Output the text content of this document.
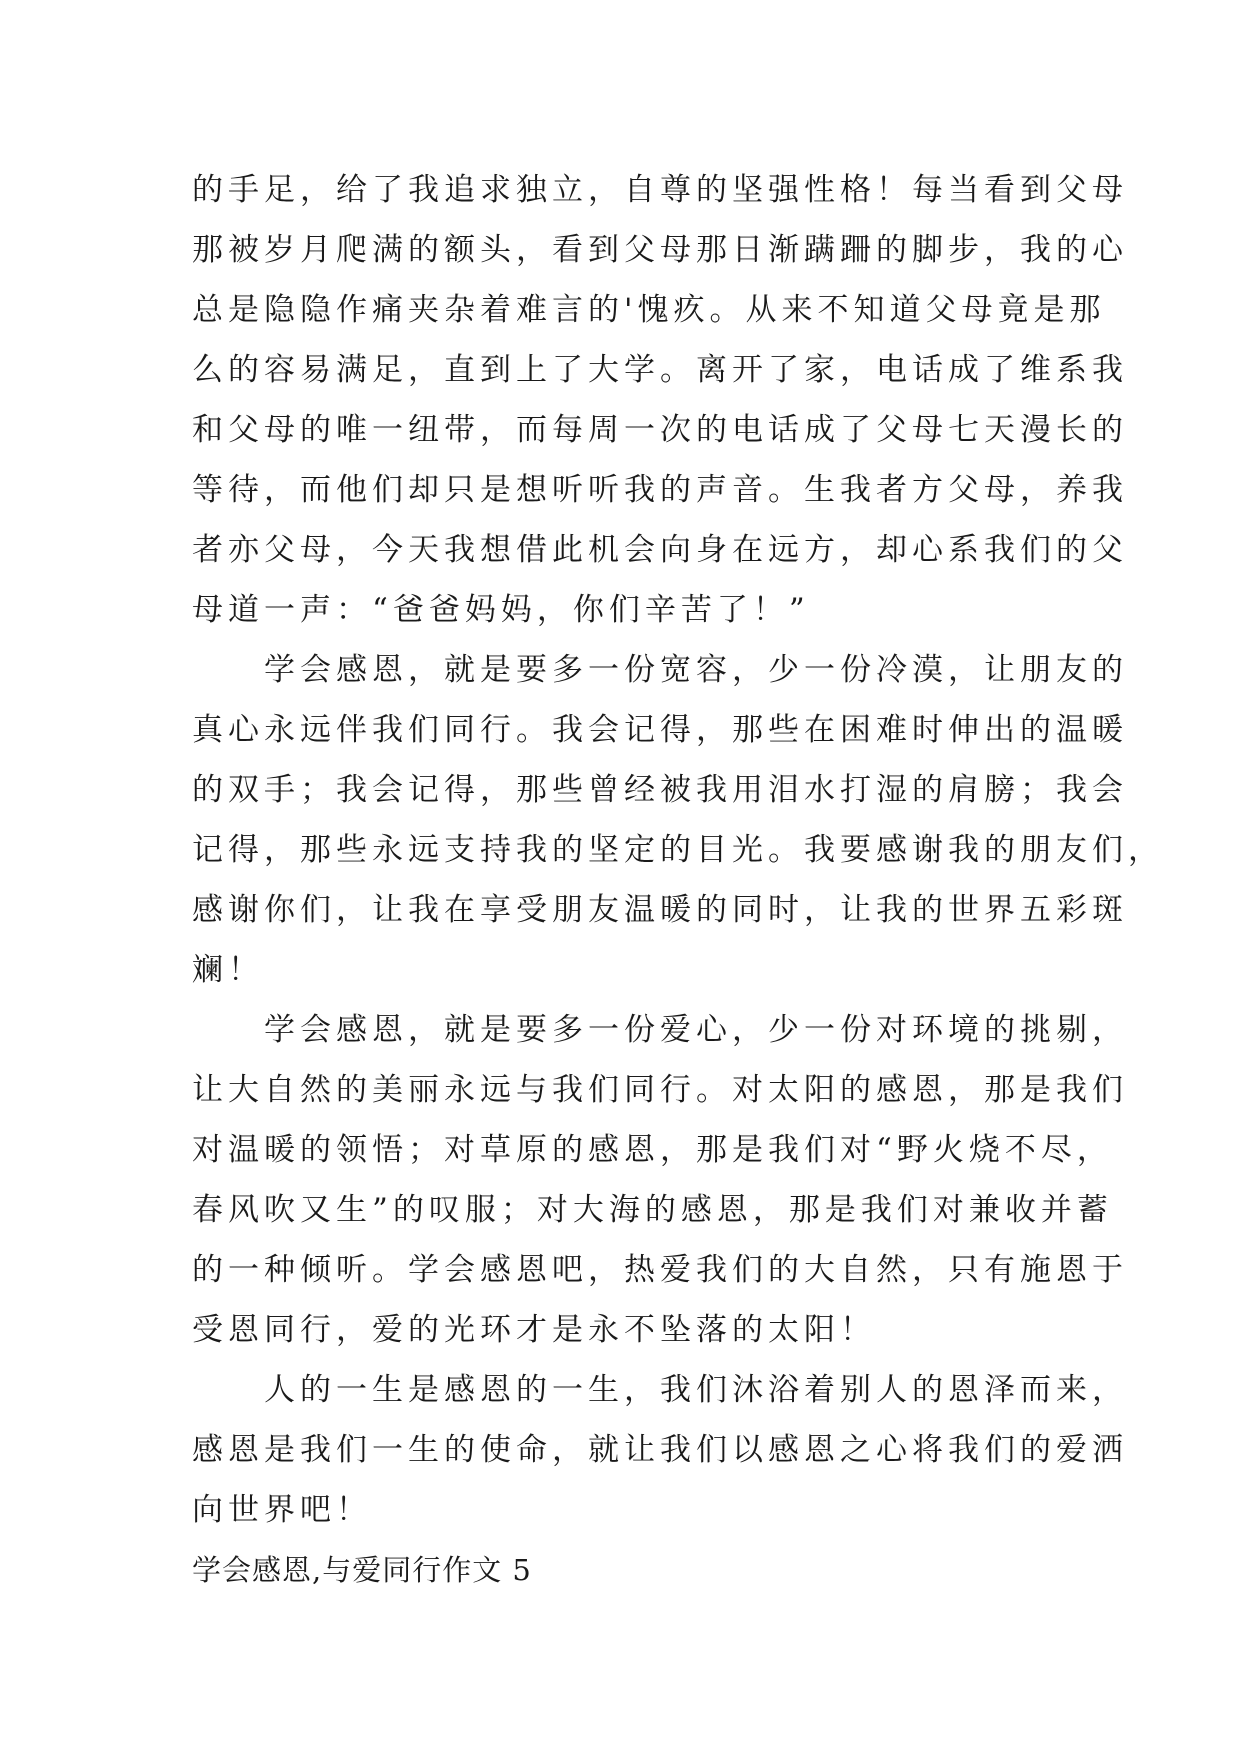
的手足，给了我追求独立，自尊的坚强性格！每当看到父母
那被岁月爬满的额头，看到父母那日渐蹒跚的脚步，我的心
总是隐隐作痛夹杂着难言的'愧疚。从来不知道父母竟是那
么的容易满足，直到上了大学。离开了家，电话成了维系我
和父母的唯一纽带，而每周一次的电话成了父母七天漫长的
等待，而他们却只是想听听我的声音。生我者方父母，养我
者亦父母，今天我想借此机会向身在远方，却心系我们的父
母道一声：“爸爸妈妈，你们辛苦了！”
　　学会感恩，就是要多一份宽容，少一份冷漠，让朋友的
真心永远伴我们同行。我会记得，那些在困难时伸出的温暖
的双手；我会记得，那些曾经被我用泪水打湿的肩膀；我会
记得，那些永远支持我的坚定的目光。我要感谢我的朋友们，
感谢你们，让我在享受朋友温暖的同时，让我的世界五彩斑
斓！
　　学会感恩，就是要多一份爱心，少一份对环境的挑剔，
让大自然的美丽永远与我们同行。对太阳的感恩，那是我们
对温暖的领悟；对草原的感恩，那是我们对“野火烧不尽，
春风吹又生”的叹服；对大海的感恩，那是我们对兼收并蓄
的一种倾听。学会感恩吧，热爱我们的大自然，只有施恩于
受恩同行，爱的光环才是永不坠落的太阳！
　　人的一生是感恩的一生，我们沐浴着别人的恩泽而来，
感恩是我们一生的使命，就让我们以感恩之心将我们的爱洒
向世界吧！
学会感恩,与爱同行作文 5
